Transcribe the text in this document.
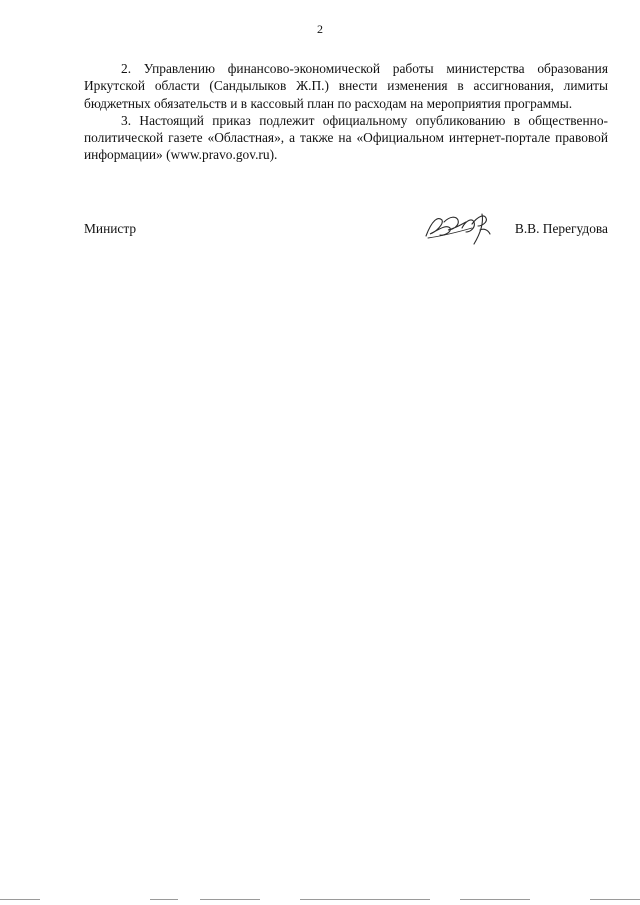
2

2. Управлению финансово-экономической работы министерства образования Иркутской области (Сандылыков Ж.П.) внести изменения в ассигнования, лимиты бюджетных обязательств и в кассовый план по расходам на мероприятия программы.

3. Настоящий приказ подлежит официальному опубликованию в общественно-политической газете «Областная», а также на «Официальном интернет-портале правовой информации» (www.pravo.gov.ru).

Министр	В.В. Перегудова
